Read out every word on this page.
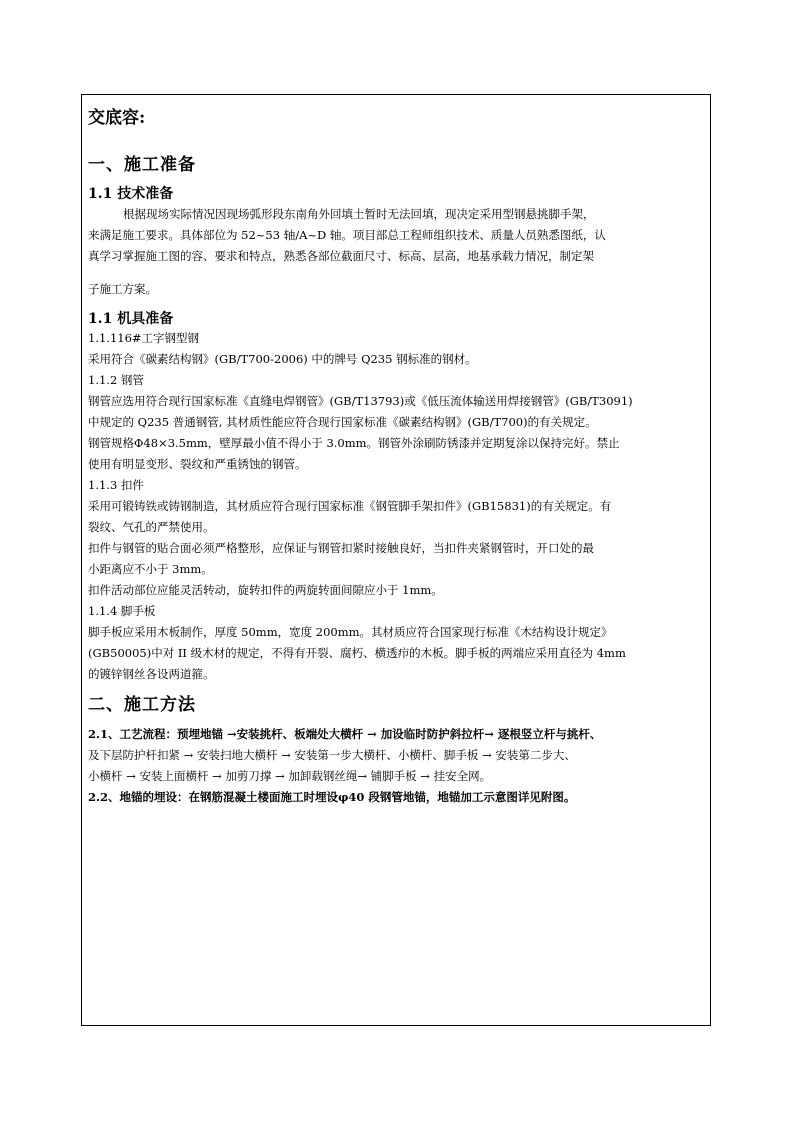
交底容:
一、施工准备
1.1 技术准备

根据现场实际情况因现场弧形段东南角外回填土暂时无法回填，现决定采用型钢悬挑脚手架，

来满足施工要求。具体部位为 52~53 轴/A~D 轴。项目部总工程师组织技术、质量人员熟悉图纸，认

真学习掌握施工图的容、要求和特点，熟悉各部位截面尺寸、标高、层高，地基承载力情况，制定架

子施工方案。

1.1 机具准备

1.1.116#工字钢型钢

采用符合《碳素结构钢》(GB/T700-2006) 中的牌号 Q235 钢标准的钢材。

1.1.2 钢管

钢管应选用符合现行国家标准《直缝电焊钢管》(GB/T13793)或《低压流体输送用焊接钢管》(GB/T3091)

中规定的 Q235 普通钢管, 其材质性能应符合现行国家标准《碳素结构钢》(GB/T700)的有关规定。

钢管规格Φ48×3.5mm，壁厚最小值不得小于 3.0mm。钢管外涂刷防锈漆并定期复涂以保持完好。禁止

使用有明显变形、裂纹和严重锈蚀的钢管。

1.1.3 扣件

采用可锻铸铁或铸钢制造，其材质应符合现行国家标准《钢管脚手架扣件》(GB15831)的有关规定。有

裂纹、气孔的严禁使用。

扣件与钢管的贴合面必须严格整形，应保证与钢管扣紧时接触良好，当扣件夹紧钢管时，开口处的最

小距离应不小于 3mm。

扣件活动部位应能灵活转动，旋转扣件的两旋转面间隙应小于 1mm。

1.1.4 脚手板

脚手板应采用木板制作，厚度 50mm，宽度 200mm。其材质应符合国家现行标准《木结构设计规定》

(GB50005)中对 II 级木材的规定，不得有开裂、腐朽、横透疖的木板。脚手板的两端应采用直径为 4mm

的镀锌钢丝各设两道箍。

二、施工方法

2.1、工艺流程：预埋地锚 →安装挑杆、板端处大横杆 → 加设临时防护斜拉杆→ 逐根竖立杆与挑杆、

及下层防护杆扣紧 → 安装扫地大横杆 → 安装第一步大横杆、小横杆、脚手板 → 安装第二步大、

小横杆 → 安装上面横杆 → 加剪刀撑 → 加卸载钢丝绳→ 铺脚手板 → 挂安全网。

2.2、地锚的埋设：在钢筋混凝土楼面施工时埋设φ40 段钢管地锚，地锚加工示意图详见附图。
